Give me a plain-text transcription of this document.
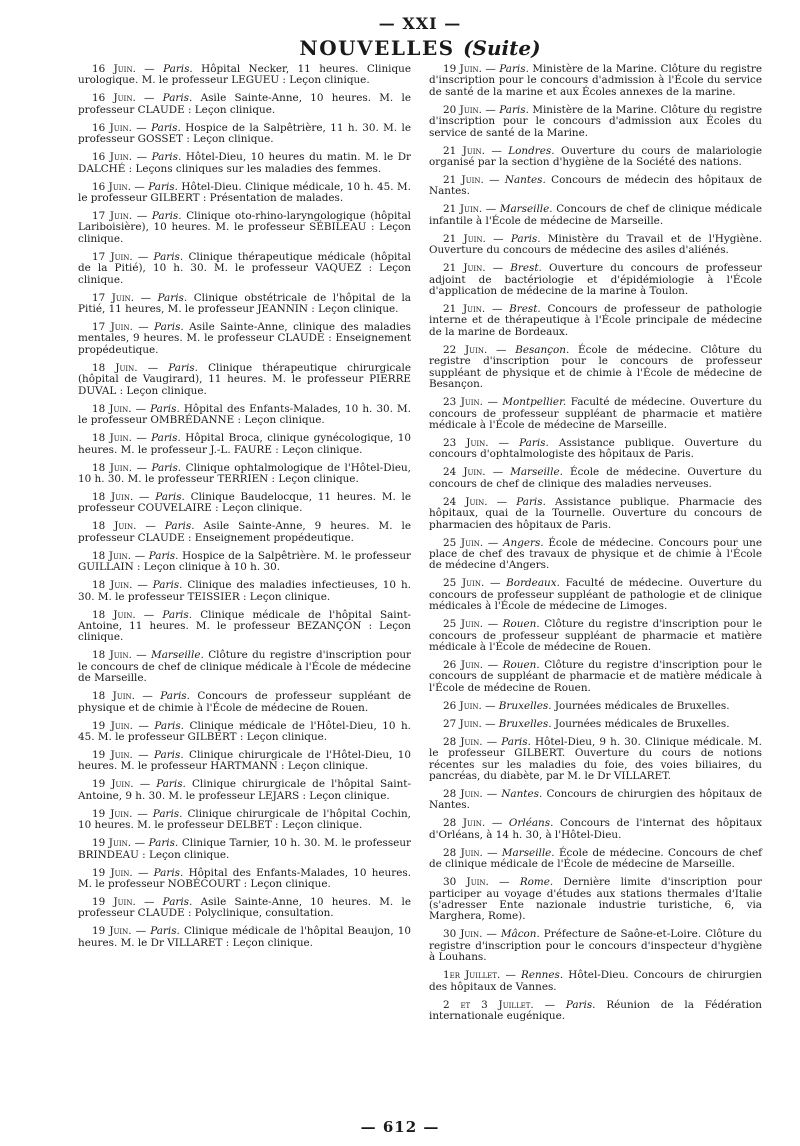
— XXI —
NOUVELLES (Suite)

16 Juin. — Paris. Hôpital Necker, 11 heures. Clinique urologique. M. le professeur LEGUEU : Leçon clinique.

16 Juin. — Paris. Asile Sainte-Anne, 10 heures. M. le professeur CLAUDE : Leçon clinique.

16 Juin. — Paris. Hospice de la Salpêtrière, 11 h. 30. M. le professeur GOSSET : Leçon clinique.

16 Juin. — Paris. Hôtel-Dieu, 10 heures du matin. M. le Dr DALCHÉ : Leçons cliniques sur les maladies des femmes.

16 Juin. — Paris. Hôtel-Dieu. Clinique médicale, 10 h. 45. M. le professeur GILBERT : Présentation de malades.

17 Juin. — Paris. Clinique oto-rhino-laryngologique (hôpital Lariboisière), 10 heures. M. le professeur SÉBILEAU : Leçon clinique.

17 Juin. — Paris. Clinique thérapeutique médicale (hôpital de la Pitié), 10 h. 30. M. le professeur VAQUEZ : Leçon clinique.

17 Juin. — Paris. Clinique obstétricale de l'hôpital de la Pitié, 11 heures, M. le professeur JEANNIN : Leçon clinique.

17 Juin. — Paris. Asile Sainte-Anne, clinique des maladies mentales, 9 heures. M. le professeur CLAUDE : Enseignement propédeutique.

18 Juin. — Paris. Clinique thérapeutique chirurgicale (hôpital de Vaugirard), 11 heures. M. le professeur PIERRE DUVAL : Leçon clinique.

18 Juin. — Paris. Hôpital des Enfants-Malades, 10 h. 30. M. le professeur OMBRÉDANNE : Leçon clinique.

18 Juin. — Paris. Hôpital Broca, clinique gynécologique, 10 heures. M. le professeur J.-L. FAURE : Leçon clinique.

18 Juin. — Paris. Clinique ophtalmologique de l'Hôtel-Dieu, 10 h. 30. M. le professeur TERRIEN : Leçon clinique.

18 Juin. — Paris. Clinique Baudelocque, 11 heures. M. le professeur COUVELAIRE : Leçon clinique.

18 Juin. — Paris. Asile Sainte-Anne, 9 heures. M. le professeur CLAUDE : Enseignement propédeutique.

18 Juin. — Paris. Hospice de la Salpêtrière. M. le professeur GUILLAIN : Leçon clinique à 10 h. 30.

18 Juin. — Paris. Clinique des maladies infectieuses, 10 h. 30. M. le professeur TEISSIER : Leçon clinique.

18 Juin. — Paris. Clinique médicale de l'hôpital Saint-Antoine, 11 heures. M. le professeur BEZANÇON : Leçon clinique.

18 Juin. — Marseille. Clôture du registre d'inscription pour le concours de chef de clinique médicale à l'École de médecine de Marseille.

18 Juin. — Paris. Concours de professeur suppléant de physique et de chimie à l'École de médecine de Rouen.

19 Juin. — Paris. Clinique médicale de l'Hôtel-Dieu, 10 h. 45. M. le professeur GILBERT : Leçon clinique.

19 Juin. — Paris. Clinique chirurgicale de l'Hôtel-Dieu, 10 heures. M. le professeur HARTMANN : Leçon clinique.

19 Juin. — Paris. Clinique chirurgicale de l'hôpital Saint-Antoine, 9 h. 30. M. le professeur LEJARS : Leçon clinique.

19 Juin. — Paris. Clinique chirurgicale de l'hôpital Cochin, 10 heures. M. le professeur DELBET : Leçon clinique.

19 Juin. — Paris. Clinique Tarnier, 10 h. 30. M. le professeur BRINDEAU : Leçon clinique.

19 Juin. — Paris. Hôpital des Enfants-Malades, 10 heures. M. le professeur NOBÉCOURT : Leçon clinique.

19 Juin. — Paris. Asile Sainte-Anne, 10 heures. M. le professeur CLAUDE : Polyclinique, consultation.

19 Juin. — Paris. Clinique médicale de l'hôpital Beaujon, 10 heures. M. le Dr VILLARET : Leçon clinique.

19 Juin. — Paris. Ministère de la Marine. Clôture du registre d'inscription pour le concours d'admission à l'École du service de santé de la marine et aux Écoles annexes de la marine.

20 Juin. — Paris. Ministère de la Marine. Clôture du registre d'inscription pour le concours d'admission aux Écoles du service de santé de la Marine.

21 Juin. — Londres. Ouverture du cours de malariologie organisé par la section d'hygiène de la Société des nations.

21 Juin. — Nantes. Concours de médecin des hôpitaux de Nantes.

21 Juin. — Marseille. Concours de chef de clinique médicale infantile à l'École de médecine de Marseille.

21 Juin. — Paris. Ministère du Travail et de l'Hygiène. Ouverture du concours de médecine des asiles d'aliénés.

21 Juin. — Brest. Ouverture du concours de professeur adjoint de bactériologie et d'épidémiologie à l'École d'application de médecine de la marine à Toulon.

21 Juin. — Brest. Concours de professeur de pathologie interne et de thérapeutique à l'École principale de médecine de la marine de Bordeaux.

22 Juin. — Besançon. École de médecine. Clôture du registre d'inscription pour le concours de professeur suppléant de physique et de chimie à l'École de médecine de Besançon.

23 Juin. — Montpellier. Faculté de médecine. Ouverture du concours de professeur suppléant de pharmacie et matière médicale à l'École de médecine de Marseille.

23 Juin. — Paris. Assistance publique. Ouverture du concours d'ophtalmologiste des hôpitaux de Paris.

24 Juin. — Marseille. École de médecine. Ouverture du concours de chef de clinique des maladies nerveuses.

24 Juin. — Paris. Assistance publique. Pharmacie des hôpitaux, quai de la Tournelle. Ouverture du concours de pharmacien des hôpitaux de Paris.

25 Juin. — Angers. École de médecine. Concours pour une place de chef des travaux de physique et de chimie à l'École de médecine d'Angers.

25 Juin. — Bordeaux. Faculté de médecine. Ouverture du concours de professeur suppléant de pathologie et de clinique médicales à l'École de médecine de Limoges.

25 Juin. — Rouen. Clôture du registre d'inscription pour le concours de professeur suppléant de pharmacie et matière médicale à l'École de médecine de Rouen.

26 Juin. — Rouen. Clôture du registre d'inscription pour le concours de suppléant de pharmacie et de matière médicale à l'École de médecine de Rouen.

26 Juin. — Bruxelles. Journées médicales de Bruxelles.

27 Juin. — Bruxelles. Journées médicales de Bruxelles.

28 Juin. — Paris. Hôtel-Dieu, 9 h. 30. Clinique médicale. M. le professeur GILBERT. Ouverture du cours de notions récentes sur les maladies du foie, des voies biliaires, du pancréas, du diabète, par M. le Dr VILLARET.

28 Juin. — Nantes. Concours de chirurgien des hôpitaux de Nantes.

28 Juin. — Orléans. Concours de l'internat des hôpitaux d'Orléans, à 14 h. 30, à l'Hôtel-Dieu.

28 Juin. — Marseille. École de médecine. Concours de chef de clinique médicale de l'École de médecine de Marseille.

30 Juin. — Rome. Dernière limite d'inscription pour participer au voyage d'études aux stations thermales d'Italie (s'adresser Ente nazionale industrie turistiche, 6, via Marghera, Rome).

30 Juin. — Mâcon. Préfecture de Saône-et-Loire. Clôture du registre d'inscription pour le concours d'inspecteur d'hygiène à Louhans.

1er Juillet. — Rennes. Hôtel-Dieu. Concours de chirurgien des hôpitaux de Vannes.

2 et 3 Juillet. — Paris. Réunion de la Fédération internationale eugénique.

— 612 —
